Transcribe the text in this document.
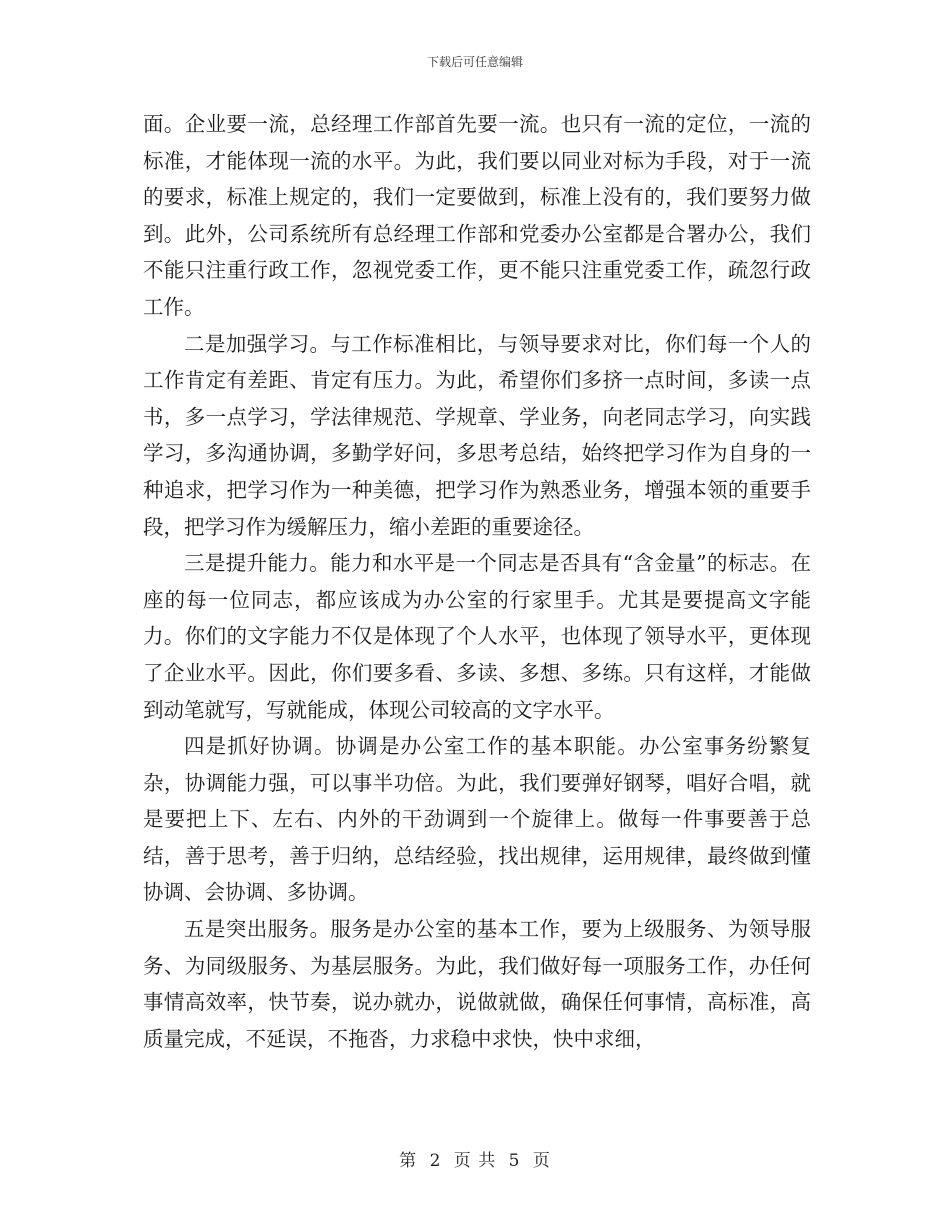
下载后可任意编辑

面。企业要一流，总经理工作部首先要一流。也只有一流的定位，一流的标准，才能体现一流的水平。为此，我们要以同业对标为手段，对于一流的要求，标准上规定的，我们一定要做到，标准上没有的，我们要努力做到。此外，公司系统所有总经理工作部和党委办公室都是合署办公，我们不能只注重行政工作，忽视党委工作，更不能只注重党委工作，疏忽行政工作。

二是加强学习。与工作标准相比，与领导要求对比，你们每一个人的工作肯定有差距、肯定有压力。为此，希望你们多挤一点时间，多读一点书，多一点学习，学法律规范、学规章、学业务，向老同志学习，向实践学习，多沟通协调，多勤学好问，多思考总结，始终把学习作为自身的一种追求，把学习作为一种美德，把学习作为熟悉业务，增强本领的重要手段，把学习作为缓解压力，缩小差距的重要途径。

三是提升能力。能力和水平是一个同志是否具有“含金量”的标志。在座的每一位同志，都应该成为办公室的行家里手。尤其是要提高文字能力。你们的文字能力不仅是体现了个人水平，也体现了领导水平，更体现了企业水平。因此，你们要多看、多读、多想、多练。只有这样，才能做到动笔就写，写就能成，体现公司较高的文字水平。

四是抓好协调。协调是办公室工作的基本职能。办公室事务纷繁复杂，协调能力强，可以事半功倍。为此，我们要弹好钢琴，唱好合唱，就是要把上下、左右、内外的干劲调到一个旋律上。做每一件事要善于总结，善于思考，善于归纳，总结经验，找出规律，运用规律，最终做到懂协调、会协调、多协调。

五是突出服务。服务是办公室的基本工作，要为上级服务、为领导服务、为同级服务、为基层服务。为此，我们做好每一项服务工作，办任何事情高效率，快节奏，说办就办，说做就做，确保任何事情，高标准，高质量完成，不延误，不拖沓，力求稳中求快，快中求细，

第 2 页 共 5 页
